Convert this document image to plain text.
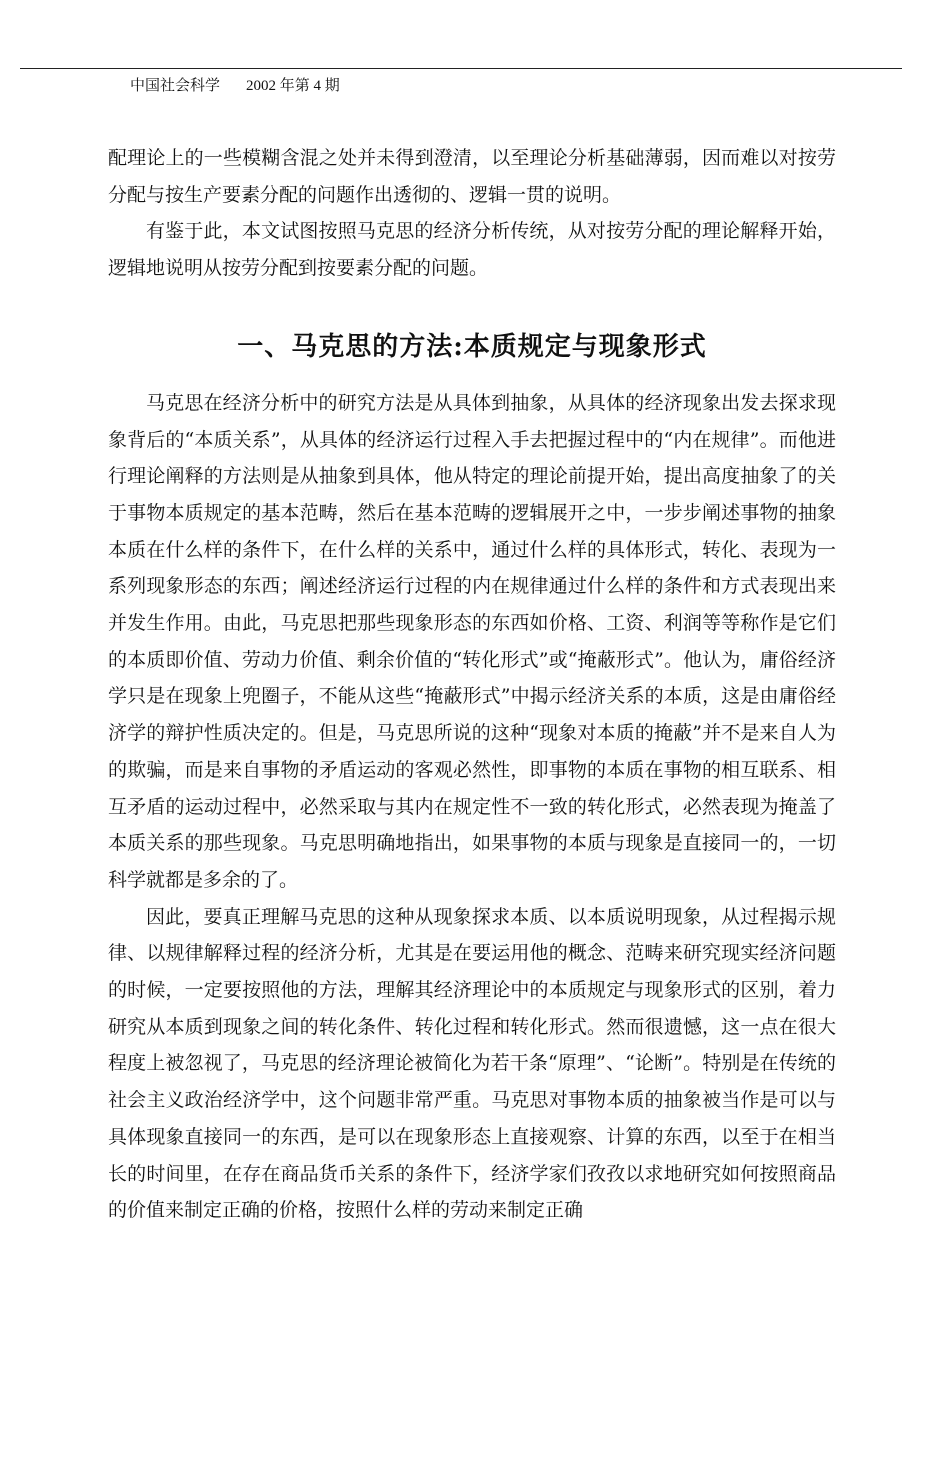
中国社会科学 2002 年第 4 期

配理论上的一些模糊含混之处并未得到澄清，以至理论分析基础薄弱，因而难以对按劳分配与按生产要素分配的问题作出透彻的、逻辑一贯的说明。

有鉴于此，本文试图按照马克思的经济分析传统，从对按劳分配的理论解释开始，逻辑地说明从按劳分配到按要素分配的问题。

一、马克思的方法:本质规定与现象形式

马克思在经济分析中的研究方法是从具体到抽象，从具体的经济现象出发去探求现象背后的“本质关系”，从具体的经济运行过程入手去把握过程中的“内在规律”。而他进行理论阐释的方法则是从抽象到具体，他从特定的理论前提开始，提出高度抽象了的关于事物本质规定的基本范畴，然后在基本范畴的逻辑展开之中，一步步阐述事物的抽象本质在什么样的条件下，在什么样的关系中，通过什么样的具体形式，转化、表现为一系列现象形态的东西；阐述经济运行过程的内在规律通过什么样的条件和方式表现出来并发生作用。由此，马克思把那些现象形态的东西如价格、工资、利润等等称作是它们的本质即价值、劳动力价值、剩余价值的“转化形式”或“掩蔽形式”。他认为，庸俗经济学只是在现象上兜圈子，不能从这些“掩蔽形式”中揭示经济关系的本质，这是由庸俗经济学的辩护性质决定的。但是，马克思所说的这种“现象对本质的掩蔽”并不是来自人为的欺骗，而是来自事物的矛盾运动的客观必然性，即事物的本质在事物的相互联系、相互矛盾的运动过程中，必然采取与其内在规定性不一致的转化形式，必然表现为掩盖了本质关系的那些现象。马克思明确地指出，如果事物的本质与现象是直接同一的，一切科学就都是多余的了。

因此，要真正理解马克思的这种从现象探求本质、以本质说明现象，从过程揭示规律、以规律解释过程的经济分析，尤其是在要运用他的概念、范畴来研究现实经济问题的时候，一定要按照他的方法，理解其经济理论中的本质规定与现象形式的区别，着力研究从本质到现象之间的转化条件、转化过程和转化形式。然而很遗憾，这一点在很大程度上被忽视了，马克思的经济理论被简化为若干条“原理”、“论断”。特别是在传统的社会主义政治经济学中，这个问题非常严重。马克思对事物本质的抽象被当作是可以与具体现象直接同一的东西，是可以在现象形态上直接观察、计算的东西，以至于在相当长的时间里，在存在商品货币关系的条件下，经济学家们孜孜以求地研究如何按照商品的价值来制定正确的价格，按照什么样的劳动来制定正确
